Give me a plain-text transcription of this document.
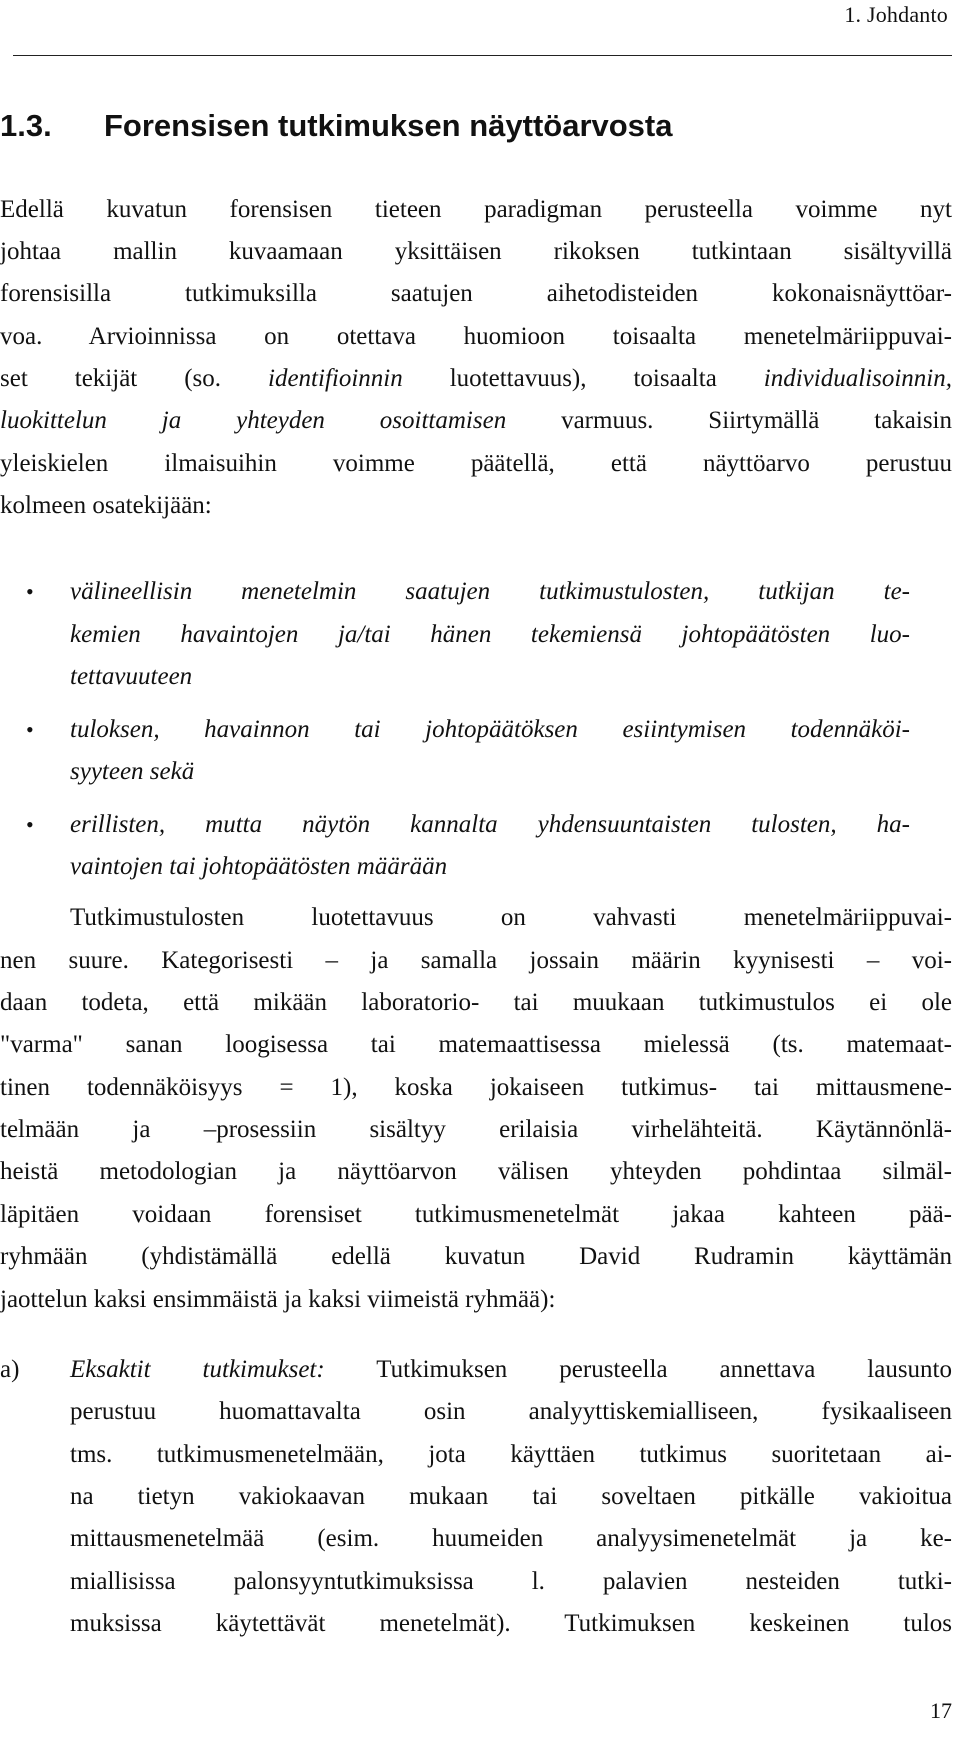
1. Johdanto
1.3. Forensisen tutkimuksen näyttöarvosta
Edellä kuvatun forensisen tieteen paradigman perusteella voimme nyt
johtaa mallin kuvaamaan yksittäisen rikoksen tutkintaan sisältyvillä
forensisilla tutkimuksilla saatujen aihetodisteiden kokonaisnäyttöar-
voa. Arvioinnissa on otettava huomioon toisaalta menetelmäriippuvai-
set tekijät (so. identifioinnin luotettavuus), toisaalta individualisoinnin,
luokittelun ja yhteyden osoittamisen varmuus. Siirtymällä takaisin
yleiskielen ilmaisuihin voimme päätellä, että näyttöarvo perustuu
kolmeen osatekijään:
• välineellisin menetelmin saatujen tutkimustulosten, tutkijan te-
kemien havaintojen ja/tai hänen tekemiensä johtopäätösten luo-
tettavuuteen
• tuloksen, havainnon tai johtopäätöksen esiintymisen todennäköi-
syyteen sekä
• erillisten, mutta näytön kannalta yhdensuuntaisten tulosten, ha-
vaintojen tai johtopäätösten määrään
Tutkimustulosten luotettavuus on vahvasti menetelmäriippuvai-
nen suure. Kategorisesti – ja samalla jossain määrin kyynisesti – voi-
daan todeta, että mikään laboratorio- tai muukaan tutkimustulos ei ole
"varma" sanan loogisessa tai matemaattisessa mielessä (ts. matemaat-
tinen todennäköisyys = 1), koska jokaiseen tutkimus- tai mittausmene-
telmään ja –prosessiin sisältyy erilaisia virhelähteitä. Käytännönlä-
heistä metodologian ja näyttöarvon välisen yhteyden pohdintaa silmäl-
läpitäen voidaan forensiset tutkimusmenetelmät jakaa kahteen pää-
ryhmään (yhdistämällä edellä kuvatun David Rudramin käyttämän
jaottelun kaksi ensimmäistä ja kaksi viimeistä ryhmää):
a) Eksaktit tutkimukset: Tutkimuksen perusteella annettava lausunto
perustuu huomattavalta osin analyyttiskemialliseen, fysikaaliseen
tms. tutkimusmenetelmään, jota käyttäen tutkimus suoritetaan ai-
na tietyn vakiokaavan mukaan tai soveltaen pitkälle vakioitua
mittausmenetelmää (esim. huumeiden analyysimenetelmät ja ke-
miallisissa palonsyyntutkimuksissa l. palavien nesteiden tutki-
muksissa käytettävät menetelmät). Tutkimuksen keskeinen tulos
17
